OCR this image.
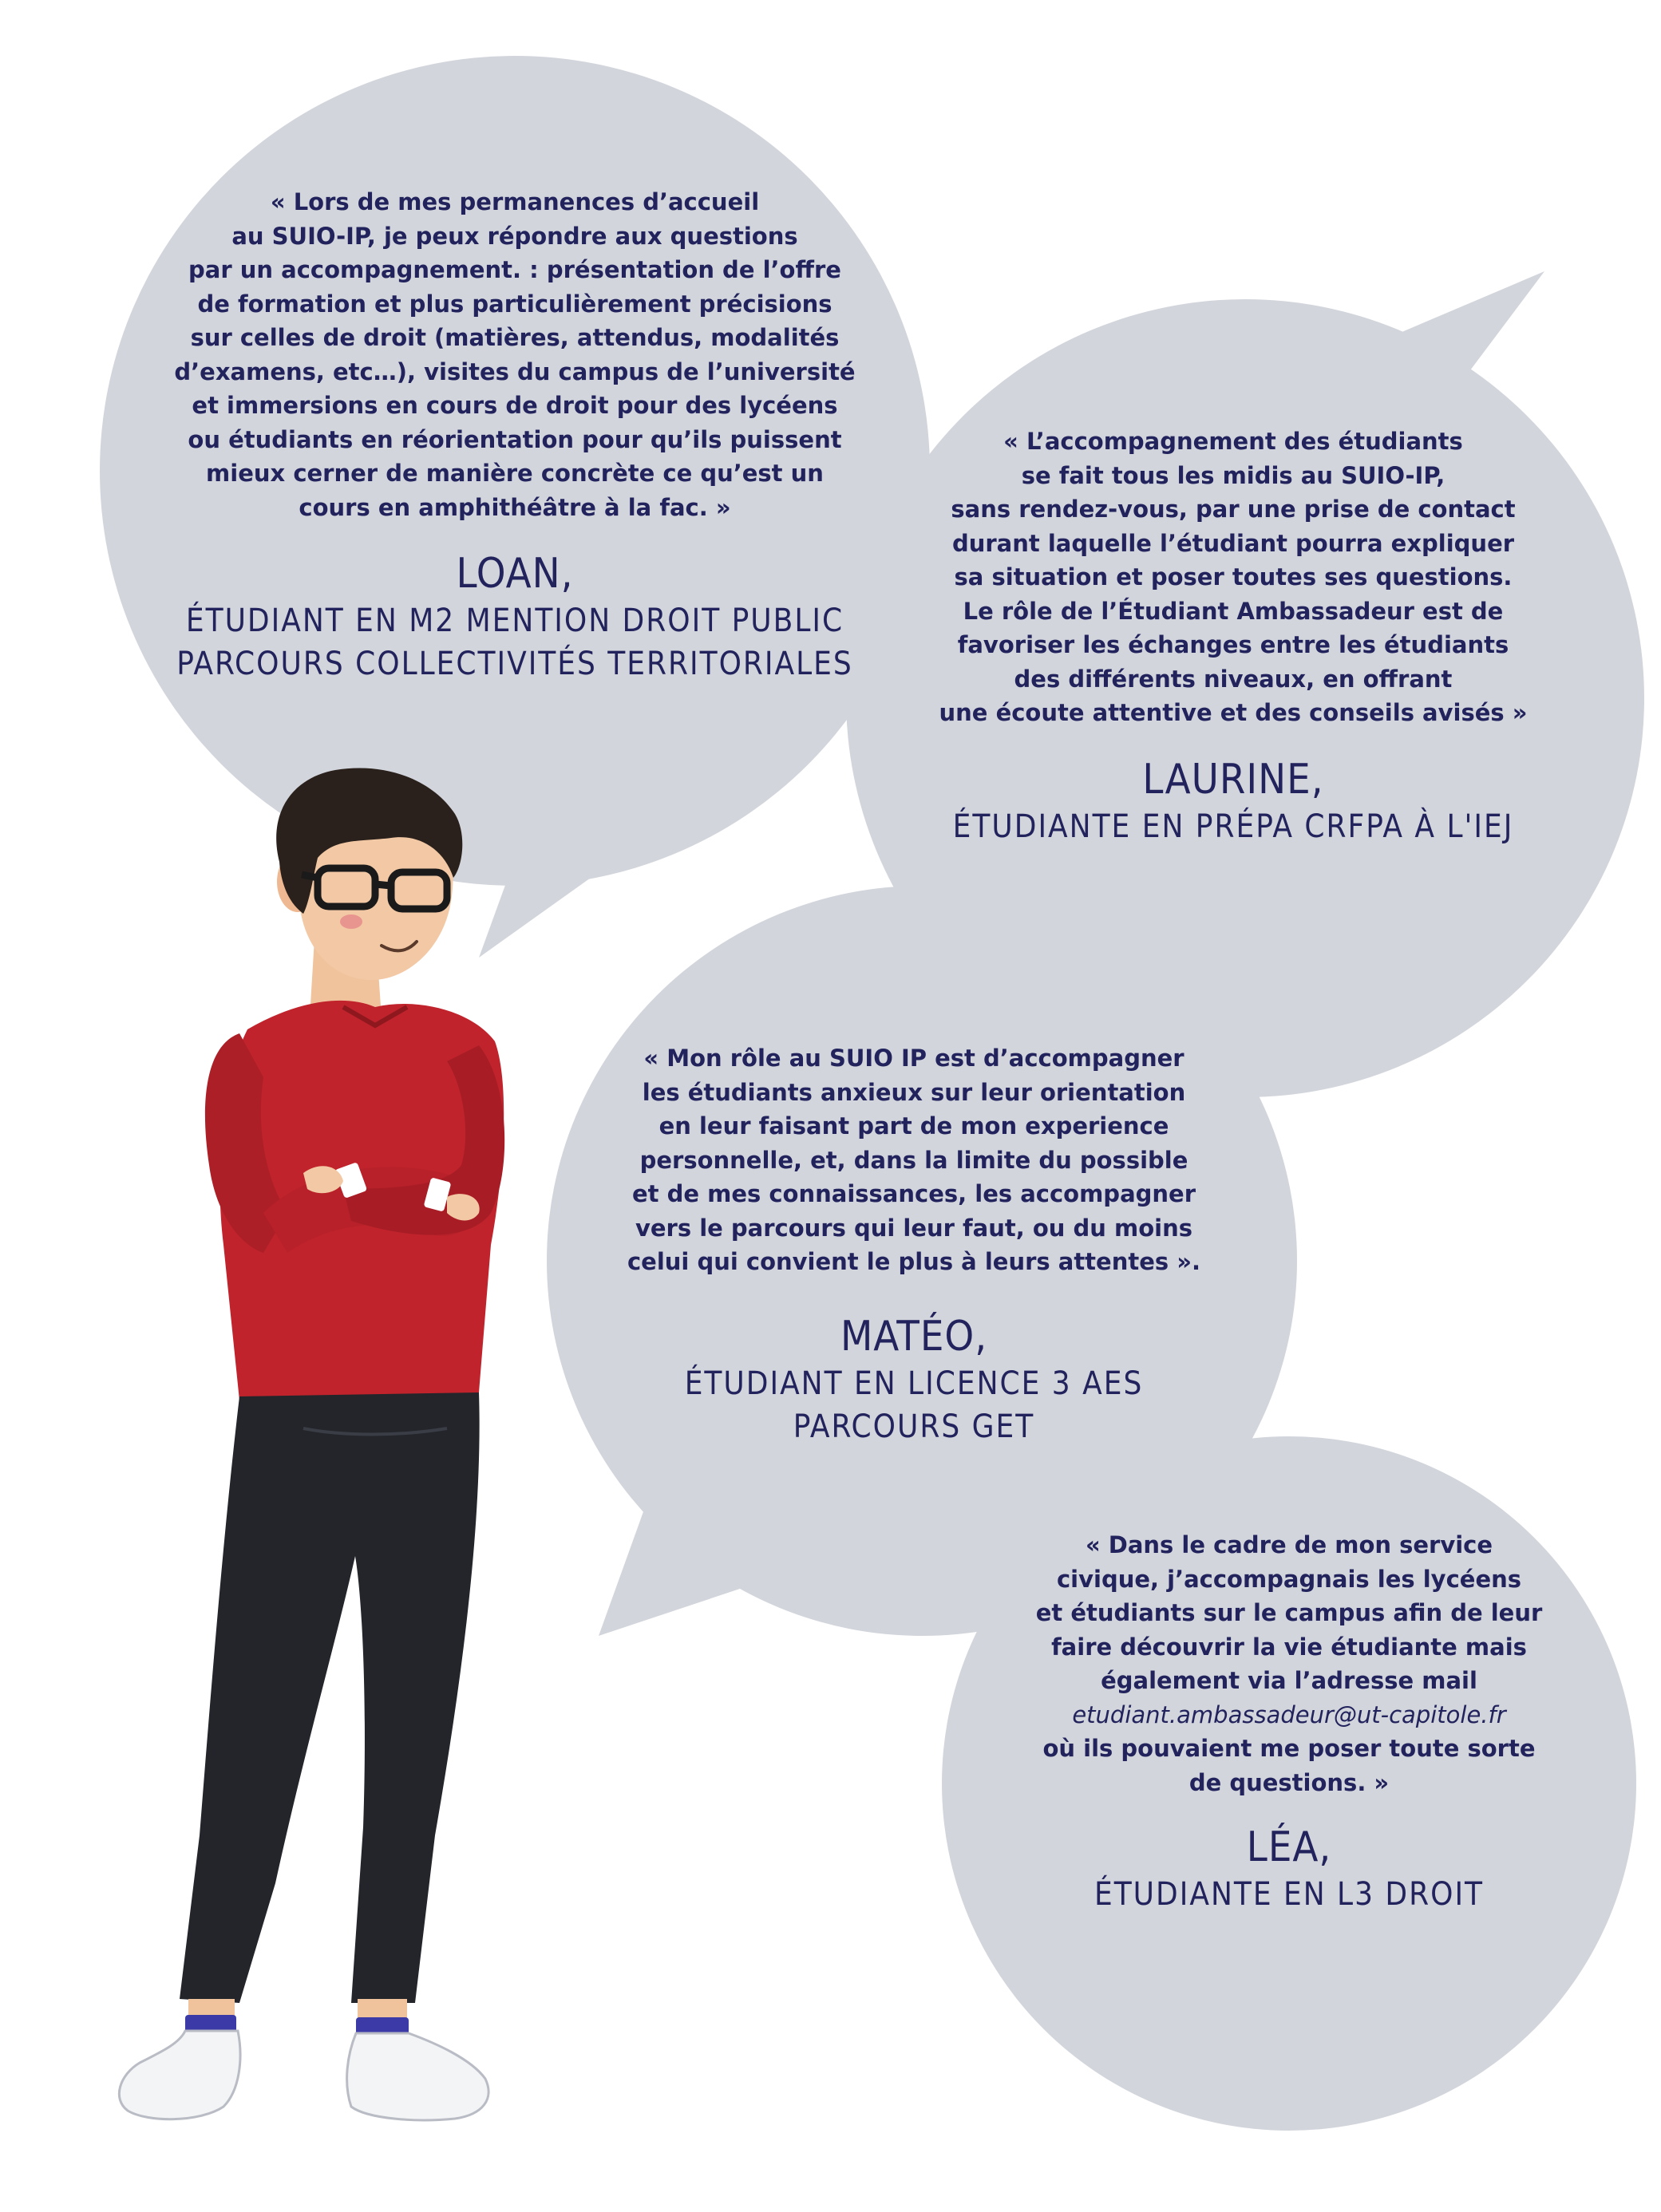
« Lors de mes permanences d’accueil
au SUIO-IP, je peux répondre aux questions
par un accompagnement. : présentation de l’offre
de formation et plus particulièrement précisions
sur celles de droit (matières, attendus, modalités
d’examens, etc…), visites du campus de l’université
et immersions en cours de droit pour des lycéens
ou étudiants en réorientation pour qu’ils puissent
mieux cerner de manière concrète ce qu’est un
cours en amphithéâtre à la fac. »

LOAN,

ÉTUDIANT EN M2 MENTION DROIT PUBLIC
PARCOURS COLLECTIVITÉS TERRITORIALES

« L’accompagnement des étudiants
se fait tous les midis au SUIO-IP,
sans rendez-vous, par une prise de contact
durant laquelle l’étudiant pourra expliquer
sa situation et poser toutes ses questions.
Le rôle de l’Étudiant Ambassadeur est de
favoriser les échanges entre les étudiants
des différents niveaux, en offrant
une écoute attentive et des conseils avisés »

LAURINE,

ÉTUDIANTE EN PRÉPA CRFPA À L'IEJ

« Mon rôle au SUIO IP est d’accompagner
les étudiants anxieux sur leur orientation
en leur faisant part de mon experience
personnelle, et, dans la limite du possible
et de mes connaissances, les accompagner
vers le parcours qui leur faut, ou du moins
celui qui convient le plus à leurs attentes ».

MATÉO,

ÉTUDIANT EN LICENCE 3 AES
PARCOURS GET

« Dans le cadre de mon service
civique, j’accompagnais les lycéens
et étudiants sur le campus afin de leur
faire découvrir la vie étudiante mais
également via l’adresse mail
etudiant.ambassadeur@ut-capitole.fr
où ils pouvaient me poser toute sorte
de questions. »

LÉA,

ÉTUDIANTE EN L3 DROIT
